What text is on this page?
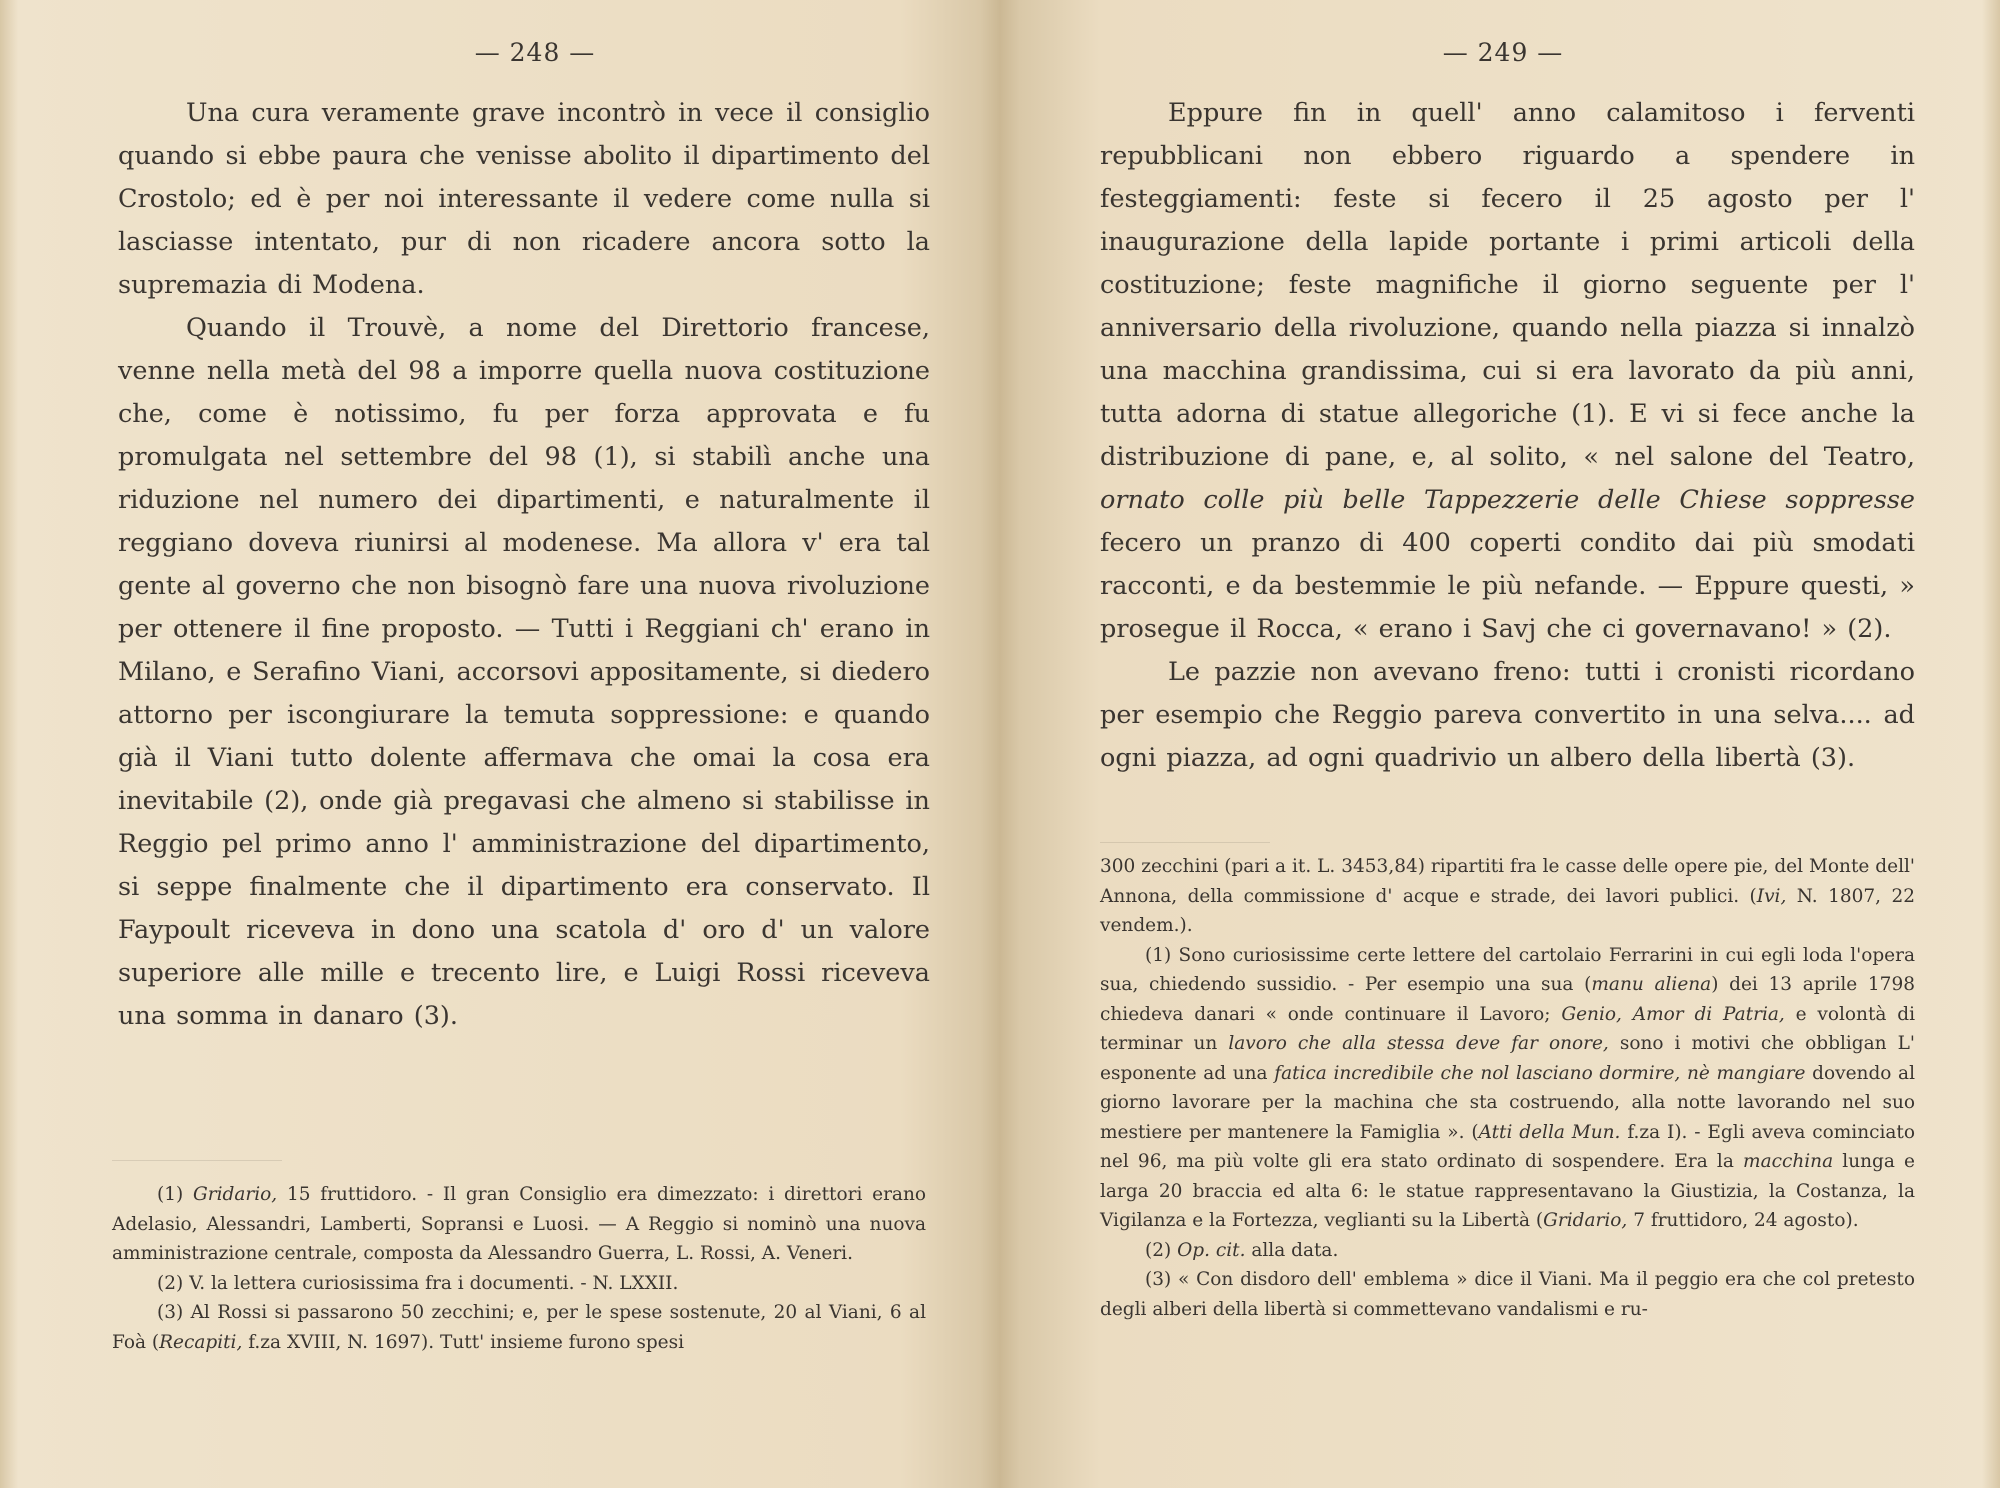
— 248 —

Una cura veramente grave incontrò in vece il consiglio quando si ebbe paura che venisse abolito il dipartimento del Crostolo; ed è per noi interessante il vedere come nulla si lasciasse intentato, pur di non ricadere ancora sotto la supremazia di Modena.

Quando il Trouvè, a nome del Direttorio francese, venne nella metà del 98 a imporre quella nuova costituzione che, come è notissimo, fu per forza approvata e fu promulgata nel settembre del 98 (1), si stabilì anche una riduzione nel numero dei dipartimenti, e naturalmente il reggiano doveva riunirsi al modenese. Ma allora v' era tal gente al governo che non bisognò fare una nuova rivoluzione per ottenere il fine proposto. — Tutti i Reggiani ch' erano in Milano, e Serafino Viani, accorsovi appositamente, si diedero attorno per iscongiurare la temuta soppressione: e quando già il Viani tutto dolente affermava che omai la cosa era inevitabile (2), onde già pregavasi che almeno si stabilisse in Reggio pel primo anno l' amministrazione del dipartimento, si seppe finalmente che il dipartimento era conservato. Il Faypoult riceveva in dono una scatola d' oro d' un valore superiore alle mille e trecento lire, e Luigi Rossi riceveva una somma in danaro (3).

(1) Gridario, 15 fruttidoro. - Il gran Consiglio era dimezzato: i direttori erano Adelasio, Alessandri, Lamberti, Sopransi e Luosi. — A Reggio si nominò una nuova amministrazione centrale, composta da Alessandro Guerra, L. Rossi, A. Veneri.

(2) V. la lettera curiosissima fra i documenti. - N. LXXII.

(3) Al Rossi si passarono 50 zecchini; e, per le spese sostenute, 20 al Viani, 6 al Foà (Recapiti, f.za XVIII, N. 1697). Tutt' insieme furono spesi

— 249 —

Eppure fin in quell' anno calamitoso i ferventi repubblicani non ebbero riguardo a spendere in festeggiamenti: feste si fecero il 25 agosto per l' inaugurazione della lapide portante i primi articoli della costituzione; feste magnifiche il giorno seguente per l' anniversario della rivoluzione, quando nella piazza si innalzò una macchina grandissima, cui si era lavorato da più anni, tutta adorna di statue allegoriche (1). E vi si fece anche la distribuzione di pane, e, al solito, « nel salone del Teatro, ornato colle più belle Tappezzerie delle Chiese soppresse fecero un pranzo di 400 coperti condito dai più smodati racconti, e da bestemmie le più nefande. — Eppure questi, » prosegue il Rocca, « erano i Savj che ci governavano! » (2).

Le pazzie non avevano freno: tutti i cronisti ricordano per esempio che Reggio pareva convertito in una selva.... ad ogni piazza, ad ogni quadrivio un albero della libertà (3).

300 zecchini (pari a it. L. 3453,84) ripartiti fra le casse delle opere pie, del Monte dell' Annona, della commissione d' acque e strade, dei lavori publici. (Ivi, N. 1807, 22 vendem.).

(1) Sono curiosissime certe lettere del cartolaio Ferrarini in cui egli loda l'opera sua, chiedendo sussidio. - Per esempio una sua (manu aliena) dei 13 aprile 1798 chiedeva danari « onde continuare il Lavoro; Genio, Amor di Patria, e volontà di terminar un lavoro che alla stessa deve far onore, sono i motivi che obbligan L' esponente ad una fatica incredibile che nol lasciano dormire, nè mangiare dovendo al giorno lavorare per la machina che sta costruendo, alla notte lavorando nel suo mestiere per mantenere la Famiglia ». (Atti della Mun. f.za I). - Egli aveva cominciato nel 96, ma più volte gli era stato ordinato di sospendere. Era la macchina lunga e larga 20 braccia ed alta 6: le statue rappresentavano la Giustizia, la Costanza, la Vigilanza e la Fortezza, veglianti su la Libertà (Gridario, 7 fruttidoro, 24 agosto).

(2) Op. cit. alla data.

(3) « Con disdoro dell' emblema » dice il Viani. Ma il peggio era che col pretesto degli alberi della libertà si commettevano vandalismi e ru-
